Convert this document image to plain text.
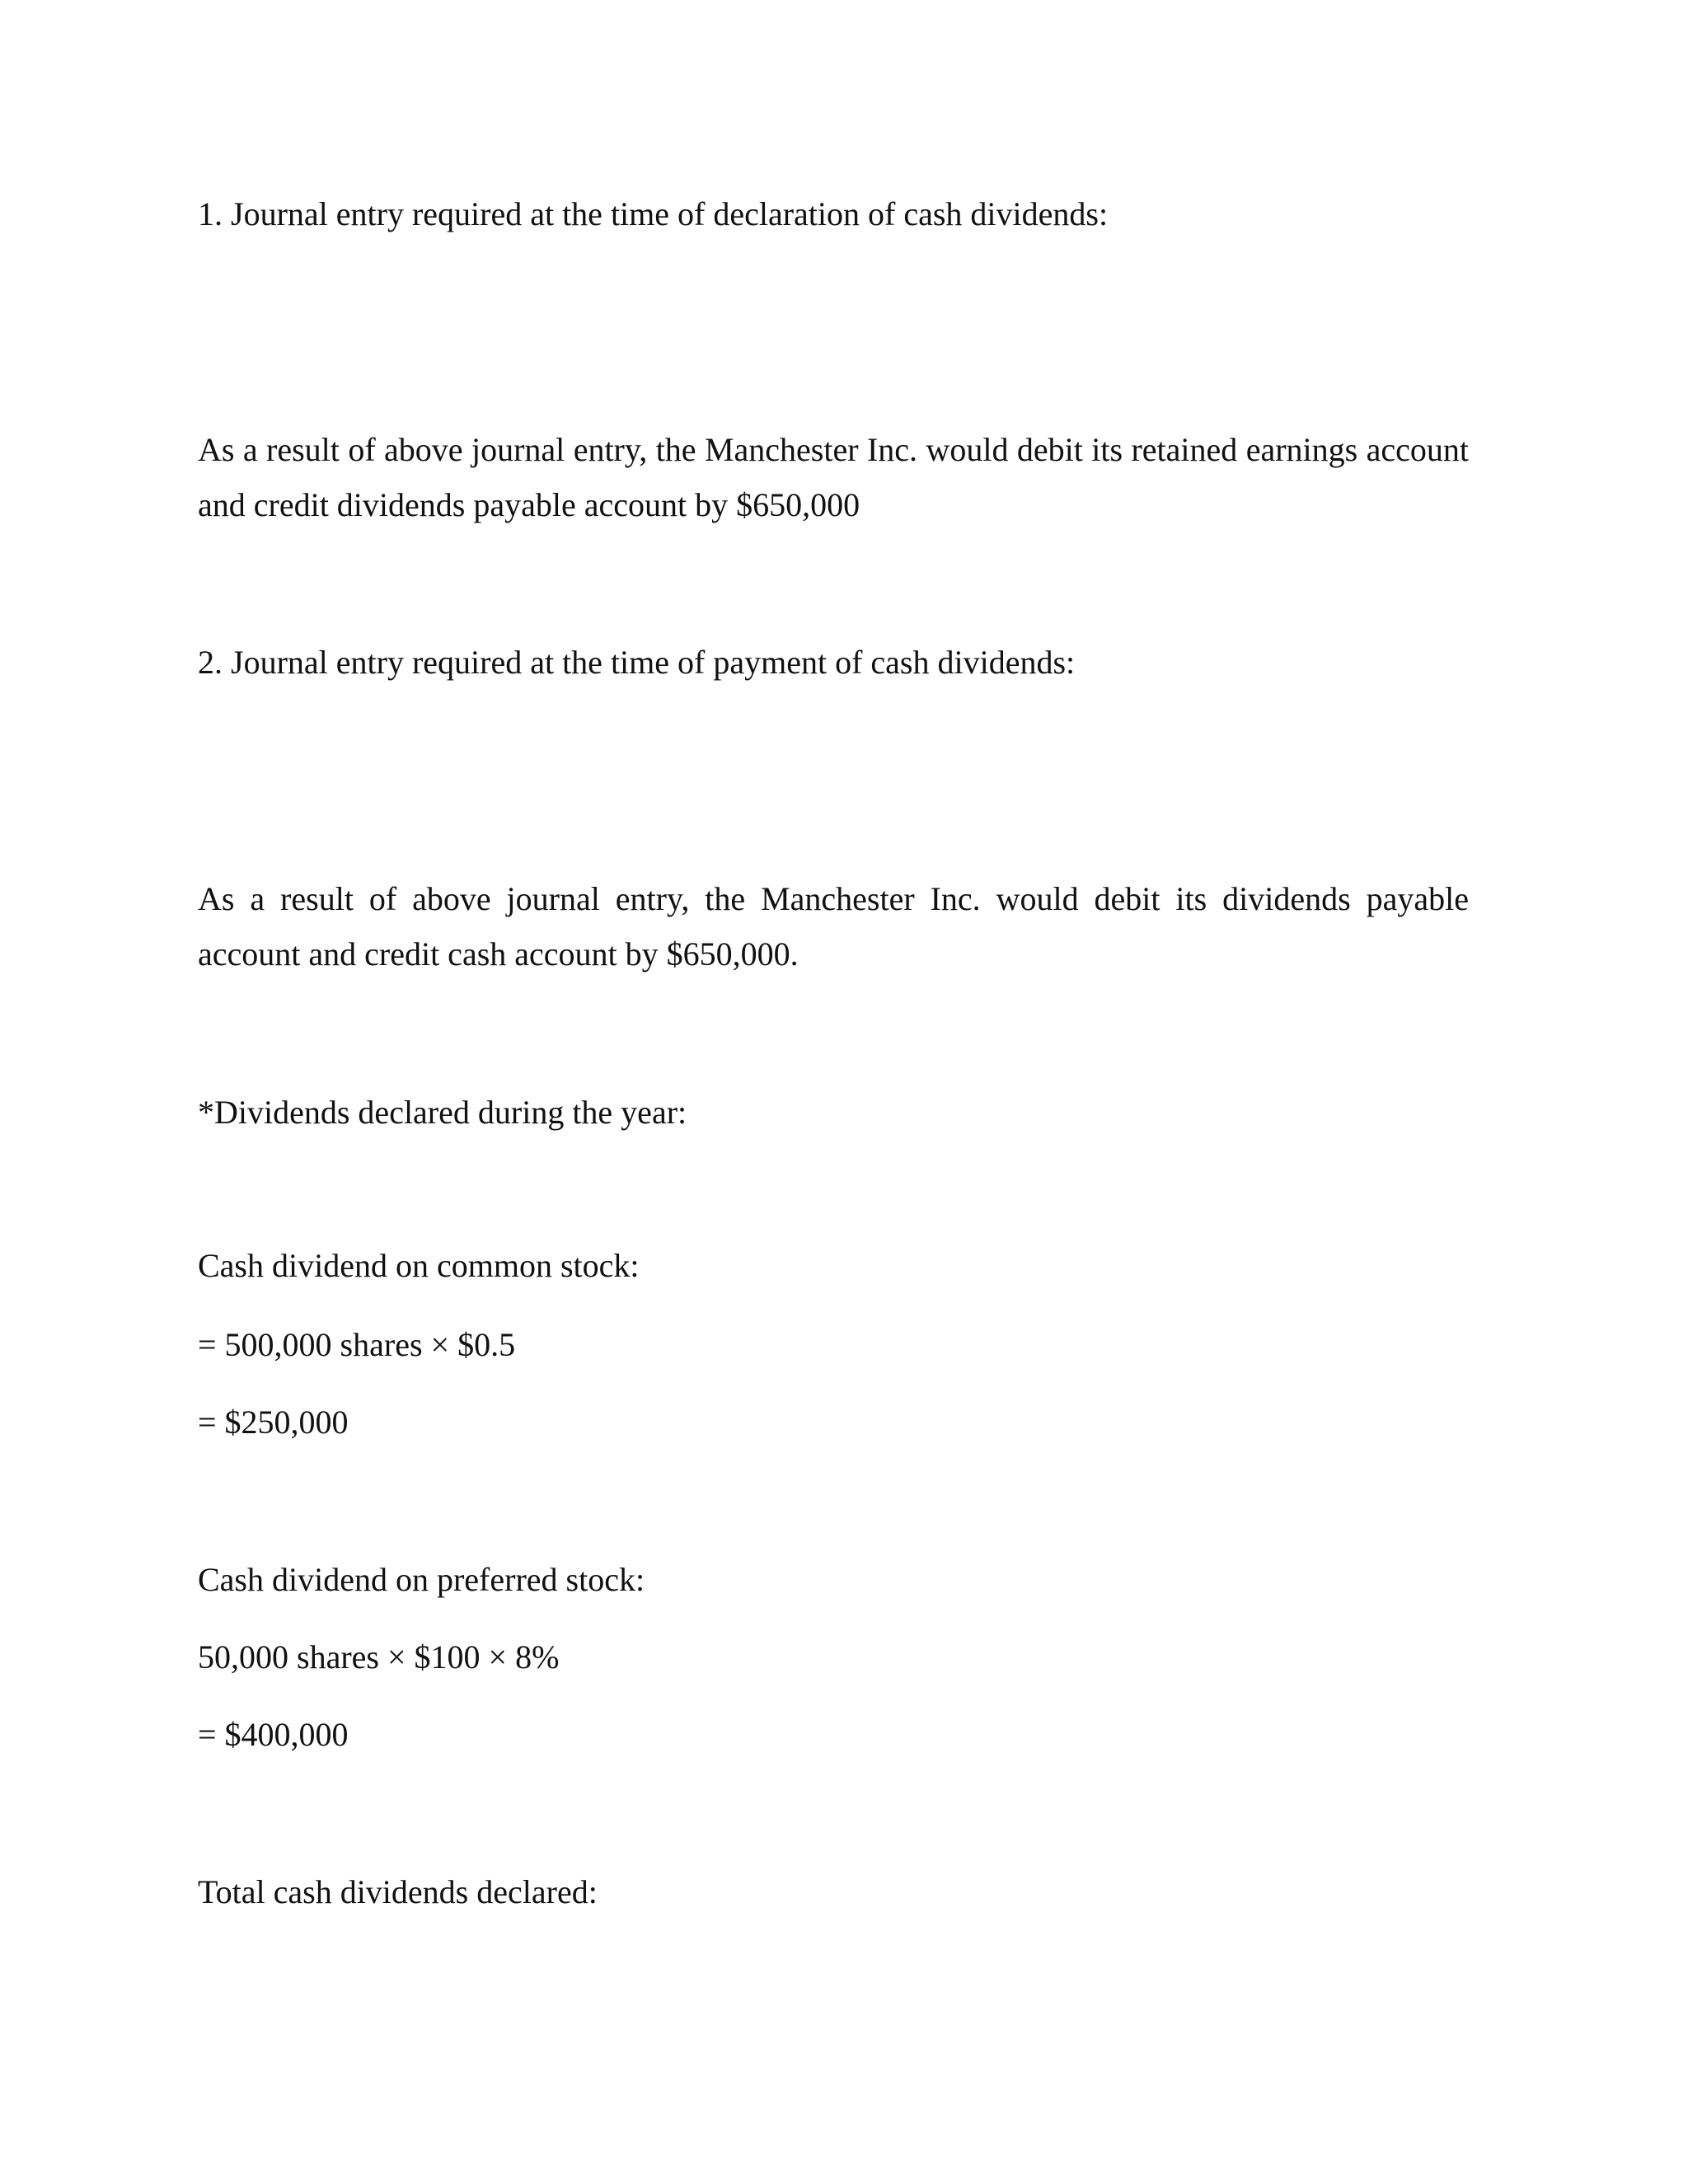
1. Journal entry required at the time of declaration of cash dividends:

As a result of above journal entry, the Manchester Inc. would debit its retained earnings account and credit dividends payable account by $650,000

2. Journal entry required at the time of payment of cash dividends:

As a result of above journal entry, the Manchester Inc. would debit its dividends payable account and credit cash account by $650,000.

*Dividends declared during the year:

Cash dividend on common stock:

= 500,000 shares × $0.5

= $250,000

Cash dividend on preferred stock:

50,000 shares × $100 × 8%

= $400,000

Total cash dividends declared:
